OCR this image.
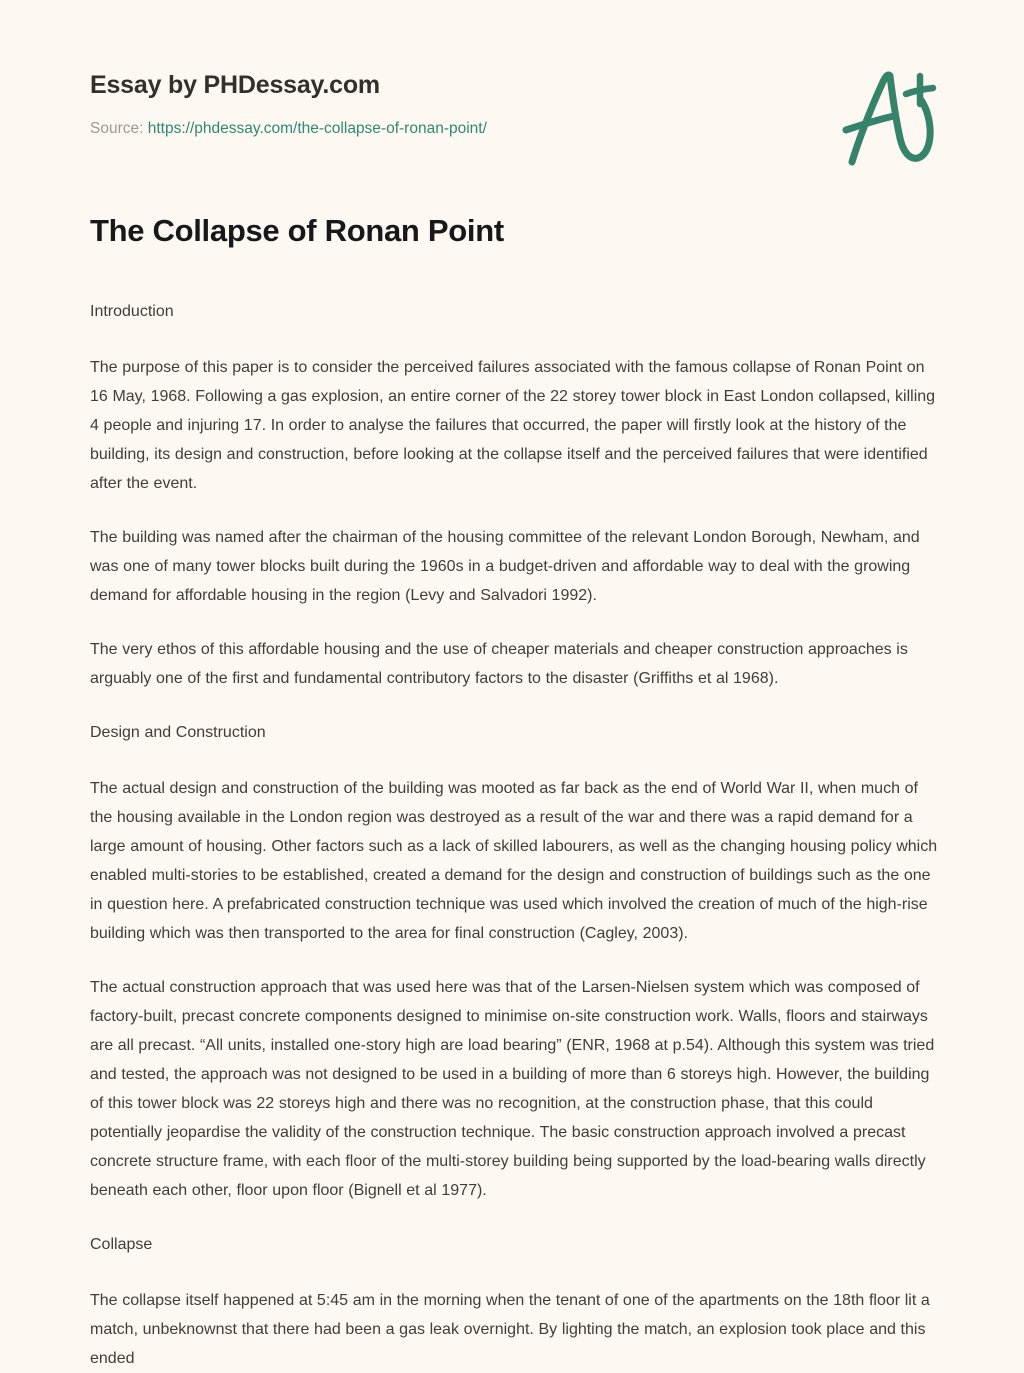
Essay by PHDessay.com
Source: https://phdessay.com/the-collapse-of-ronan-point/
The Collapse of Ronan Point
Introduction
The purpose of this paper is to consider the perceived failures associated with the famous collapse of Ronan Point on 16 May, 1968. Following a gas explosion, an entire corner of the 22 storey tower block in East London collapsed, killing 4 people and injuring 17. In order to analyse the failures that occurred, the paper will firstly look at the history of the building, its design and construction, before looking at the collapse itself and the perceived failures that were identified after the event.
The building was named after the chairman of the housing committee of the relevant London Borough, Newham, and was one of many tower blocks built during the 1960s in a budget-driven and affordable way to deal with the growing demand for affordable housing in the region (Levy and Salvadori 1992).
The very ethos of this affordable housing and the use of cheaper materials and cheaper construction approaches is arguably one of the first and fundamental contributory factors to the disaster (Griffiths et al 1968).
Design and Construction
The actual design and construction of the building was mooted as far back as the end of World War II, when much of the housing available in the London region was destroyed as a result of the war and there was a rapid demand for a large amount of housing. Other factors such as a lack of skilled labourers, as well as the changing housing policy which enabled multi-stories to be established, created a demand for the design and construction of buildings such as the one in question here. A prefabricated construction technique was used which involved the creation of much of the high-rise building which was then transported to the area for final construction (Cagley, 2003).
The actual construction approach that was used here was that of the Larsen-Nielsen system which was composed of factory-built, precast concrete components designed to minimise on-site construction work. Walls, floors and stairways are all precast. “All units, installed one-story high are load bearing” (ENR, 1968 at p.54). Although this system was tried and tested, the approach was not designed to be used in a building of more than 6 storeys high. However, the building of this tower block was 22 storeys high and there was no recognition, at the construction phase, that this could potentially jeopardise the validity of the construction technique. The basic construction approach involved a precast concrete structure frame, with each floor of the multi-storey building being supported by the load-bearing walls directly beneath each other, floor upon floor (Bignell et al 1977).
Collapse
The collapse itself happened at 5:45 am in the morning when the tenant of one of the apartments on the 18th floor lit a match, unbeknownst that there had been a gas leak overnight. By lighting the match, an explosion took place and this ended
